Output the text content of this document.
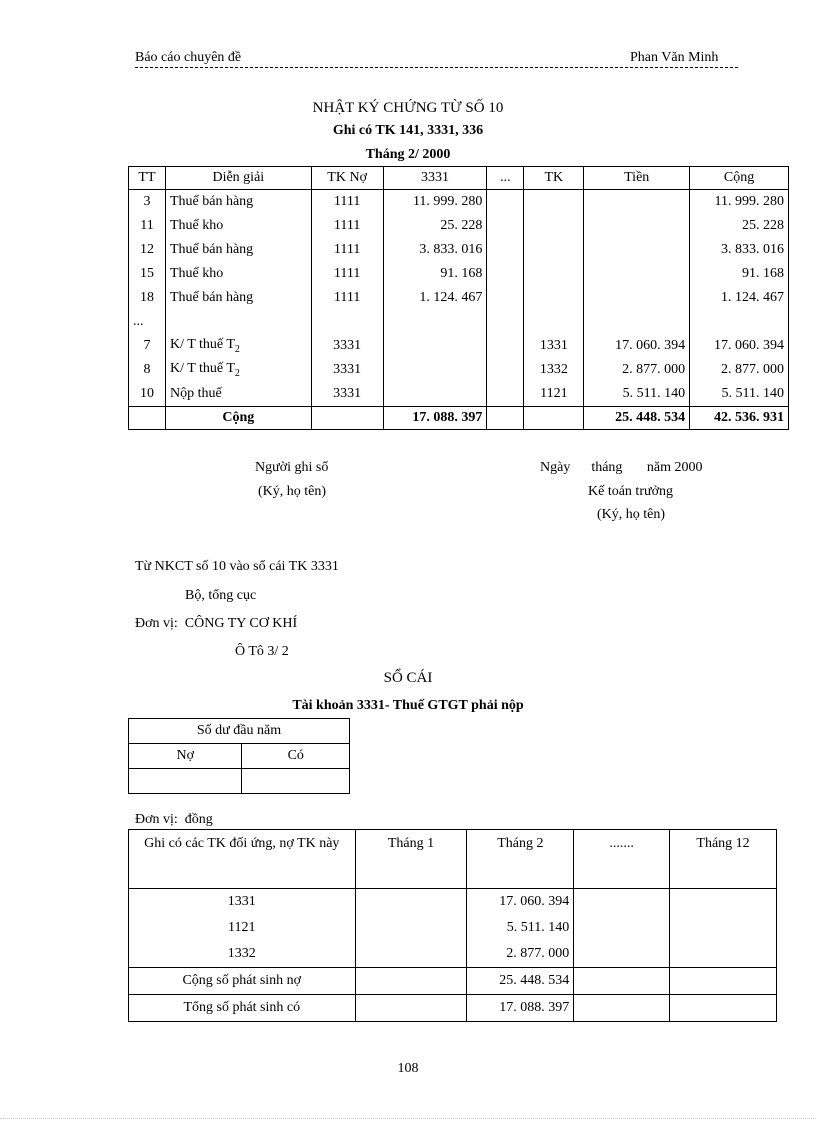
Báo cáo chuyên đề	Phan Văn Minh
NHẬT KÝ CHỨNG TỪ SỐ 10
Ghi có TK 141, 3331, 336
Tháng 2/ 2000
TT	Diễn giải	TK Nợ	3331	...	TK	Tiền	Cộng
3	Thuế bán hàng	1111	11. 999. 280				11. 999. 280
11	Thuế kho	1111	25. 228				25. 228
12	Thuế bán hàng	1111	3. 833. 016				3. 833. 016
15	Thuế kho	1111	91. 168				91. 168
18	Thuế bán hàng	1111	1. 124. 467				1. 124. 467
...							
7	K/ T thuế $T_2$	3331			1331	17. 060. 394	17. 060. 394
8	K/ T thuế $T_2$	3331			1332	2. 877. 000	2. 877. 000
10	Nộp thuế	3331			1121	5. 511. 140	5. 511. 140
	Cộng		17. 088. 397			25. 448. 534	42. 536. 931
Người ghi sổ
(Ký, họ tên)
Ngày      tháng       năm 2000
Kế toán trưởng
(Ký, họ tên)
Từ NKCT số 10 vào sổ cái TK 3331
Bộ, tổng cục
Đơn vị:  CÔNG TY CƠ KHÍ
Ô Tô 3/ 2
SỔ CÁI
Tài khoản 3331- Thuế GTGT phải nộp
Số dư đầu năm	
Nợ	Có

Đơn vị:  đồng
Ghi có các TK đối ứng, nợ TK này	Tháng 1	Tháng 2	.......	Tháng 12
1331		17. 060. 394		
1121		5. 511. 140		
1332		2. 877. 000		
Cộng số phát sinh nợ		25. 448. 534		
Tổng số phát sinh có		17. 088. 397		
108
